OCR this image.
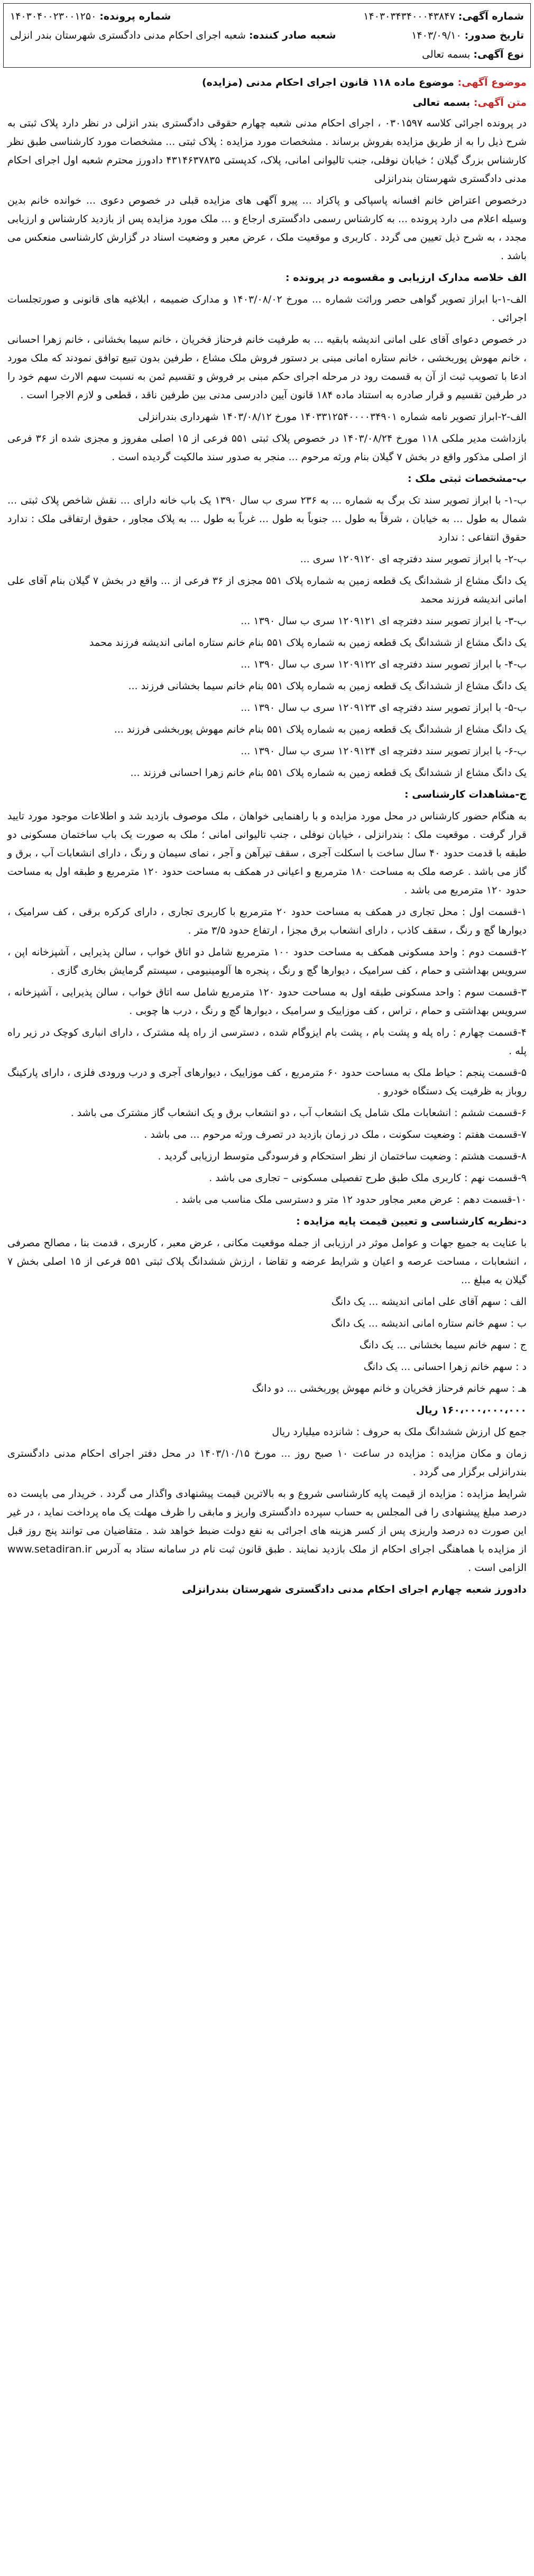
شماره آگهی:۱۴۰۳۰۳۴۳۴۰۰۰۴۳۸۴۷
شماره پرونده:۱۴۰۳۰۴۰۰۲۳۰۰۱۲۵۰
تاریخ صدور:۱۴۰۳/۰۹/۱۰
شعبه صادر کننده:شعبه اجرای احکام مدنی دادگستری شهرستان بندر انزلی
نوع آگهی:بسمه تعالی
موضوع آگهی: موضوع ماده ۱۱۸ قانون اجرای احکام مدنی (مزایده)
متن آگهی: بسمه تعالی

در پرونده اجرائی کلاسه ۰۳۰۱۵۹۷ ، اجرای احکام مدنی شعبه چهارم حقوقی دادگستری بندر انزلی در نظر دارد پلاک ثبتی به شرح ذیل را به از طریق مزایده بفروش برساند . مشخصات مورد مزایده : پلاک ثبتی ... مشخصات مورد کارشناسی طبق نظر کارشناس بزرگ گیلان ؛ خیابان نوفلی، جنب تالیوانی امانی، پلاک، کدپستی ۴۳۱۴۶۳۷۸۳۵ دادورز محترم شعبه اول اجرای احکام مدنی دادگستری شهرستان بندرانزلی

درخصوص اعتراض خانم افسانه پاسپاکی و پاکزاد ... پیرو آگهی های مزایده قبلی در خصوص دعوی ... خوانده خانم بدین وسیله اعلام می دارد پرونده ... به کارشناس رسمی دادگستری ارجاع و ... ملک مورد مزایده پس از بازدید کارشناس و ارزیابی مجدد ، به شرح ذیل تعیین می گردد . کاربری و موقعیت ملک ، عرض معبر و وضعیت اسناد در گزارش کارشناسی منعکس می باشد .

الف خلاصه مدارک ارزیابی و مقسومه در پرونده :

الف-۱-با ابراز تصویر گواهی حصر وراثت شماره ... مورخ ۱۴۰۳/۰۸/۰۲ و مدارک ضمیمه ، ابلاغیه های قانونی و صورتجلسات اجرائی .

در خصوص دعوای آقای علی امانی اندیشه بابقیه ... به طرفیت خانم فرحناز فخریان ، خانم سیما بخشانی ، خانم زهرا احسانی ، خانم مهوش پوربخشی ، خانم ستاره امانی مبنی بر دستور فروش ملک مشاع ، طرفین بدون تبیع توافق نمودند که ملک مورد ادعا با تصویب ثبت از آن به قسمت رود در مرحله اجرای حکم مبنی بر فروش و تقسیم ثمن به نسبت سهم الارث سهم خود را در طرفین تقسیم و قرار صادره به استناد ماده ۱۸۴ قانون آیین دادرسی مدنی بین طرفین ناقد ، قطعی و لازم الاجرا است .

الف-۲-ابراز تصویر نامه شماره ۱۴۰۳۳۱۲۵۴۰۰۰۰۳۴۹۰۱ مورخ ۱۴۰۳/۰۸/۱۲ شهرداری بندرانزلی

بازداشت مدیر ملکی ۱۱۸ مورخ ۱۴۰۳/۰۸/۲۴ در خصوص پلاک ثبتی ۵۵۱ فرعی از ۱۵ اصلی مفروز و مجزی شده از ۳۶ فرعی از اصلی مذکور واقع در بخش ۷ گیلان بنام ورثه مرحوم ... منجر به صدور سند مالکیت گردیده است .

ب-مشخصات ثبتی ملک :

ب-۱- با ابراز تصویر سند تک برگ به شماره ... به ۲۳۶ سری ب سال ۱۳۹۰ یک باب خانه دارای ... نقش شاخص پلاک ثبتی ... شمال به طول ... به خیابان ، شرقاً به طول ... جنوباً به طول ... غرباً به طول ... به پلاک مجاور ، حقوق ارتفاقی ملک : ندارد حقوق انتفاعی : ندارد

ب-۲- با ابراز تصویر سند دفترچه ای ۱۲۰۹۱۲۰ سری ...

یک دانگ مشاع از ششدانگ یک قطعه زمین به شماره پلاک ۵۵۱ مجزی از ۳۶ فرعی از ... واقع در بخش ۷ گیلان بنام آقای علی امانی اندیشه فرزند محمد

ب-۳- با ابراز تصویر سند دفترچه ای ۱۲۰۹۱۲۱ سری ب سال ۱۳۹۰ ...

یک دانگ مشاع از ششدانگ یک قطعه زمین به شماره پلاک ۵۵۱ بنام خانم ستاره امانی اندیشه فرزند محمد

ب-۴- با ابراز تصویر سند دفترچه ای ۱۲۰۹۱۲۲ سری ب سال ۱۳۹۰ ...

یک دانگ مشاع از ششدانگ یک قطعه زمین به شماره پلاک ۵۵۱ بنام خانم سیما بخشانی فرزند ...

ب-۵- با ابراز تصویر سند دفترچه ای ۱۲۰۹۱۲۳ سری ب سال ۱۳۹۰ ...

یک دانگ مشاع از ششدانگ یک قطعه زمین به شماره پلاک ۵۵۱ بنام خانم مهوش پوربخشی فرزند ...

ب-۶- با ابراز تصویر سند دفترچه ای ۱۲۰۹۱۲۴ سری ب سال ۱۳۹۰ ...

یک دانگ مشاع از ششدانگ یک قطعه زمین به شماره پلاک ۵۵۱ بنام خانم زهرا احسانی فرزند ...

ج-مشاهدات کارشناسی :

به هنگام حضور کارشناس در محل مورد مزایده و با راهنمایی خواهان ، ملک موصوف بازدید شد و اطلاعات موجود مورد تایید قرار گرفت . موقعیت ملک : بندرانزلی ، خیابان نوفلی ، جنب تالیوانی امانی ؛ ملک به صورت یک باب ساختمان مسکونی دو طبقه با قدمت حدود ۴۰ سال ساخت با اسکلت آجری ، سقف تیرآهن و آجر ، نمای سیمان و رنگ ، دارای انشعابات آب ، برق و گاز می باشد . عرصه ملک به مساحت ۱۸۰ مترمربع و اعیانی در همکف به مساحت حدود ۱۲۰ مترمربع و طبقه اول به مساحت حدود ۱۲۰ مترمربع می باشد .

۱-قسمت اول : محل تجاری در همکف به مساحت حدود ۲۰ مترمربع با کاربری تجاری ، دارای کرکره برقی ، کف سرامیک ، دیوارها گچ و رنگ ، سقف کاذب ، دارای انشعاب برق مجزا ، ارتفاع حدود ۳/۵ متر .

۲-قسمت دوم : واحد مسکونی همکف به مساحت حدود ۱۰۰ مترمربع شامل دو اتاق خواب ، سالن پذیرایی ، آشپزخانه اپن ، سرویس بهداشتی و حمام ، کف سرامیک ، دیوارها گچ و رنگ ، پنجره ها آلومینیومی ، سیستم گرمایش بخاری گازی .

۳-قسمت سوم : واحد مسکونی طبقه اول به مساحت حدود ۱۲۰ مترمربع شامل سه اتاق خواب ، سالن پذیرایی ، آشپزخانه ، سرویس بهداشتی و حمام ، تراس ، کف موزاییک و سرامیک ، دیوارها گچ و رنگ ، درب ها چوبی .

۴-قسمت چهارم : راه پله و پشت بام ، پشت بام ایزوگام شده ، دسترسی از راه پله مشترک ، دارای انباری کوچک در زیر راه پله .

۵-قسمت پنجم : حیاط ملک به مساحت حدود ۶۰ مترمربع ، کف موزاییک ، دیوارهای آجری و درب ورودی فلزی ، دارای پارکینگ روباز به ظرفیت یک دستگاه خودرو .

۶-قسمت ششم : انشعابات ملک شامل یک انشعاب آب ، دو انشعاب برق و یک انشعاب گاز مشترک می باشد .

۷-قسمت هفتم : وضعیت سکونت ، ملک در زمان بازدید در تصرف ورثه مرحوم ... می باشد .

۸-قسمت هشتم : وضعیت ساختمان از نظر استحکام و فرسودگی متوسط ارزیابی گردید .

۹-قسمت نهم : کاربری ملک طبق طرح تفصیلی مسکونی – تجاری می باشد .

۱۰-قسمت دهم : عرض معبر مجاور حدود ۱۲ متر و دسترسی ملک مناسب می باشد .

د-نظریه کارشناسی و تعیین قیمت پایه مزایده :

با عنایت به جمیع جهات و عوامل موثر در ارزیابی از جمله موقعیت مکانی ، عرض معبر ، کاربری ، قدمت بنا ، مصالح مصرفی ، انشعابات ، مساحت عرصه و اعیان و شرایط عرضه و تقاضا ، ارزش ششدانگ پلاک ثبتی ۵۵۱ فرعی از ۱۵ اصلی بخش ۷ گیلان به مبلغ ...

الف : سهم آقای علی امانی اندیشه ... یک دانگ

ب : سهم خانم ستاره امانی اندیشه ... یک دانگ

ج : سهم خانم سیما بخشانی ... یک دانگ

د : سهم خانم زهرا احسانی ... یک دانگ

هـ : سهم خانم فرحناز فخریان و خانم مهوش پوربخشی ... دو دانگ

۱۶۰،۰۰۰،۰۰۰،۰۰۰ ریال

جمع کل ارزش ششدانگ ملک به حروف : شانزده میلیارد ریال

زمان و مکان مزایده : مزایده در ساعت ۱۰ صبح روز ... مورخ ۱۴۰۳/۱۰/۱۵ در محل دفتر اجرای احکام مدنی دادگستری بندرانزلی برگزار می گردد .

شرایط مزایده : مزایده از قیمت پایه کارشناسی شروع و به بالاترین قیمت پیشنهادی واگذار می گردد . خریدار می بایست ده درصد مبلغ پیشنهادی را فی المجلس به حساب سپرده دادگستری واریز و مابقی را ظرف مهلت یک ماه پرداخت نماید ، در غیر این صورت ده درصد واریزی پس از کسر هزینه های اجرائی به نفع دولت ضبط خواهد شد . متقاضیان می توانند پنج روز قبل از مزایده با هماهنگی اجرای احکام از ملک بازدید نمایند . طبق قانون ثبت نام در سامانه ستاد به آدرس www.setadiran.ir الزامی است .

دادورز شعبه چهارم اجرای احکام مدنی دادگستری شهرستان بندرانزلی
